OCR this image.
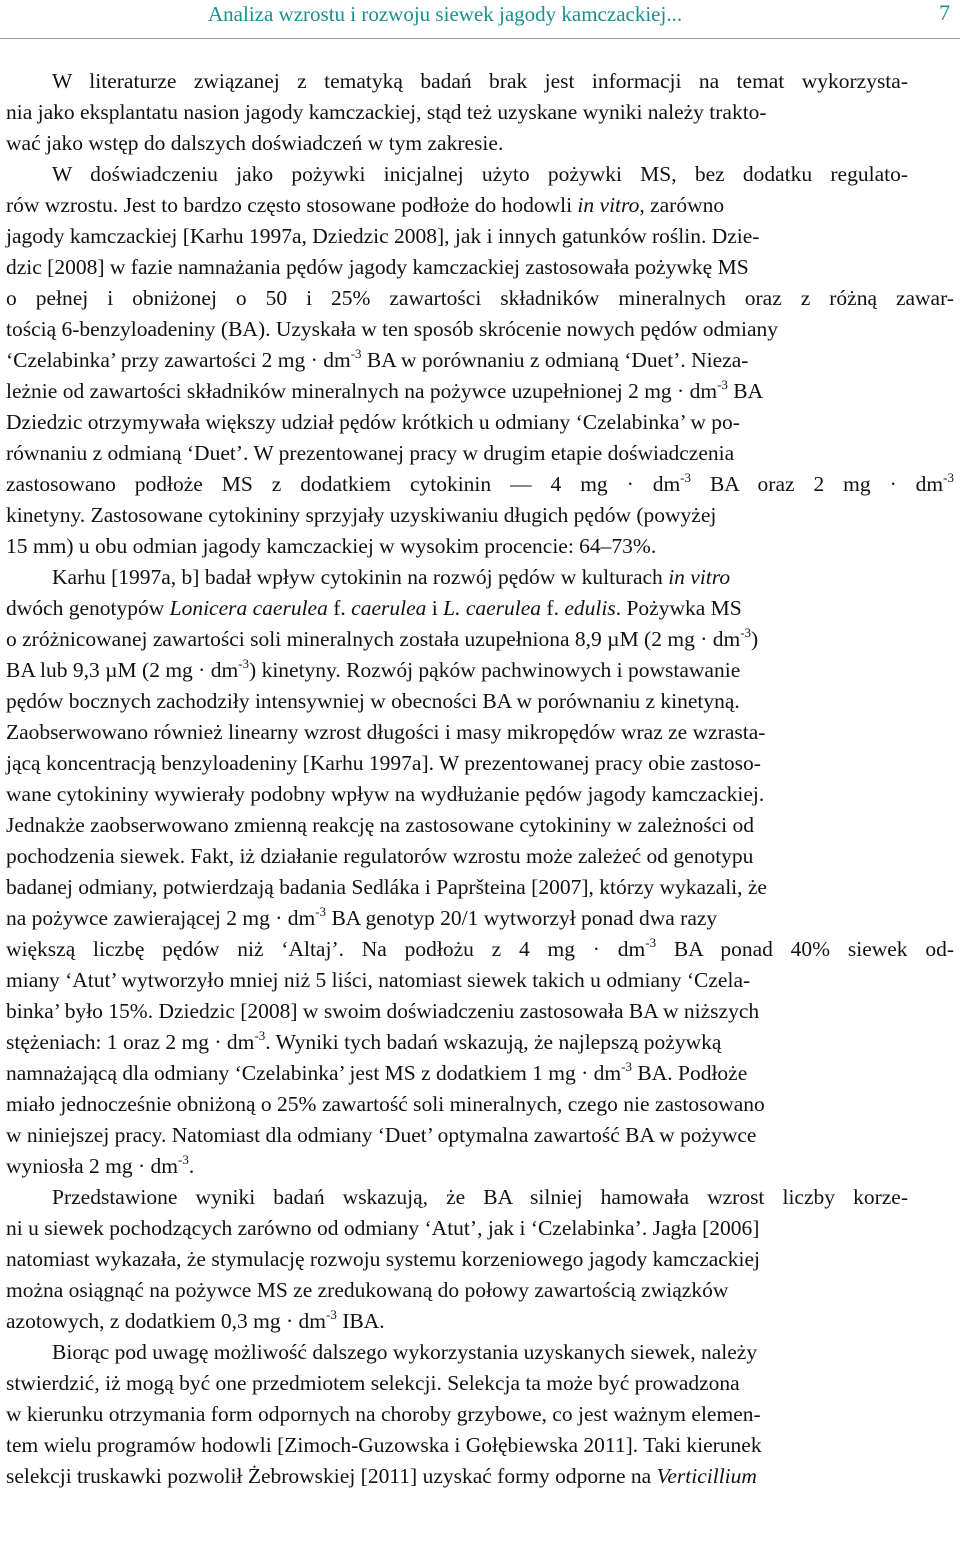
Analiza wzrostu i rozwoju siewek jagody kamczackiej...	7

W literaturze związanej z tematyką badań brak jest informacji na temat wykorzysta-

nia jako eksplantatu nasion jagody kamczackiej, stąd też uzyskane wyniki należy trakto-
wać jako wstęp do dalszych doświadczeń w tym zakresie.

W doświadczeniu jako pożywki inicjalnej użyto pożywki MS, bez dodatku regulato-

rów wzrostu. Jest to bardzo często stosowane podłoże do hodowli in vitro, zarówno
jagody kamczackiej [Karhu 1997a, Dziedzic 2008], jak i innych gatunków roślin. Dzie-
dzic [2008] w fazie namnażania pędów jagody kamczackiej zastosowała pożywkę MS
o pełnej i obniżonej o 50 i 25% zawartości składników mineralnych oraz z różną zawar-
tością 6-benzyloadeniny (BA). Uzyskała w ten sposób skrócenie nowych pędów odmiany
‘Czelabinka’ przy zawartości 2 mg · $dm^{-3}$ BA w porównaniu z odmianą ‘Duet’. Nieza-
leżnie od zawartości składników mineralnych na pożywce uzupełnionej 2 mg · $dm^{-3}$ BA
Dziedzic otrzymywała większy udział pędów krótkich u odmiany ‘Czelabinka’ w po-
równaniu z odmianą ‘Duet’. W prezentowanej pracy w drugim etapie doświadczenia
zastosowano podłoże MS z dodatkiem cytokinin — 4 mg · $dm^{-3}$ BA oraz 2 mg · $dm^{-3}$
kinetyny. Zastosowane cytokininy sprzyjały uzyskiwaniu długich pędów (powyżej
15 mm) u obu odmian jagody kamczackiej w wysokim procencie: 64–73%.

Karhu [1997a, b] badał wpływ cytokinin na rozwój pędów w kulturach in vitro

dwóch genotypów Lonicera caerulea f. caerulea i L. caerulea f. edulis. Pożywka MS
o zróżnicowanej zawartości soli mineralnych została uzupełniona 8,9 µM (2 mg · $dm^{-3}$)
BA lub 9,3 µM (2 mg · $dm^{-3}$) kinetyny. Rozwój pąków pachwinowych i powstawanie
pędów bocznych zachodziły intensywniej w obecności BA w porównaniu z kinetyną.
Zaobserwowano również linearny wzrost długości i masy mikropędów wraz ze wzrasta-
jącą koncentracją benzyloadeniny [Karhu 1997a]. W prezentowanej pracy obie zastoso-
wane cytokininy wywierały podobny wpływ na wydłużanie pędów jagody kamczackiej.
Jednakże zaobserwowano zmienną reakcję na zastosowane cytokininy w zależności od
pochodzenia siewek. Fakt, iż działanie regulatorów wzrostu może zależeć od genotypu
badanej odmiany, potwierdzają badania Sedláka i Papršteina [2007], którzy wykazali, że
na pożywce zawierającej 2 mg · $dm^{-3}$ BA genotyp 20/1 wytworzył ponad dwa razy
większą liczbę pędów niż ‘Altaj’. Na podłożu z 4 mg · $dm^{-3}$ BA ponad 40% siewek od-
miany ‘Atut’ wytworzyło mniej niż 5 liści, natomiast siewek takich u odmiany ‘Czela-
binka’ było 15%. Dziedzic [2008] w swoim doświadczeniu zastosowała BA w niższych
stężeniach: 1 oraz 2 mg · $dm^{-3}$. Wyniki tych badań wskazują, że najlepszą pożywką
namnażającą dla odmiany ‘Czelabinka’ jest MS z dodatkiem 1 mg · $dm^{-3}$ BA. Podłoże
miało jednocześnie obniżoną o 25% zawartość soli mineralnych, czego nie zastosowano
w niniejszej pracy. Natomiast dla odmiany ‘Duet’ optymalna zawartość BA w pożywce
wyniosła 2 mg · $dm^{-3}$.

Przedstawione wyniki badań wskazują, że BA silniej hamowała wzrost liczby korze-

ni u siewek pochodzących zarówno od odmiany ‘Atut’, jak i ‘Czelabinka’. Jagła [2006]
natomiast wykazała, że stymulację rozwoju systemu korzeniowego jagody kamczackiej
można osiągnąć na pożywce MS ze zredukowaną do połowy zawartością związków
azotowych, z dodatkiem 0,3 mg · $dm^{-3}$ IBA.

Biorąc pod uwagę możliwość dalszego wykorzystania uzyskanych siewek, należy

stwierdzić, iż mogą być one przedmiotem selekcji. Selekcja ta może być prowadzona
w kierunku otrzymania form odpornych na choroby grzybowe, co jest ważnym elemen-
tem wielu programów hodowli [Zimoch-Guzowska i Gołębiewska 2011]. Taki kierunek
selekcji truskawki pozwolił Żebrowskiej [2011] uzyskać formy odporne na Verticillium
